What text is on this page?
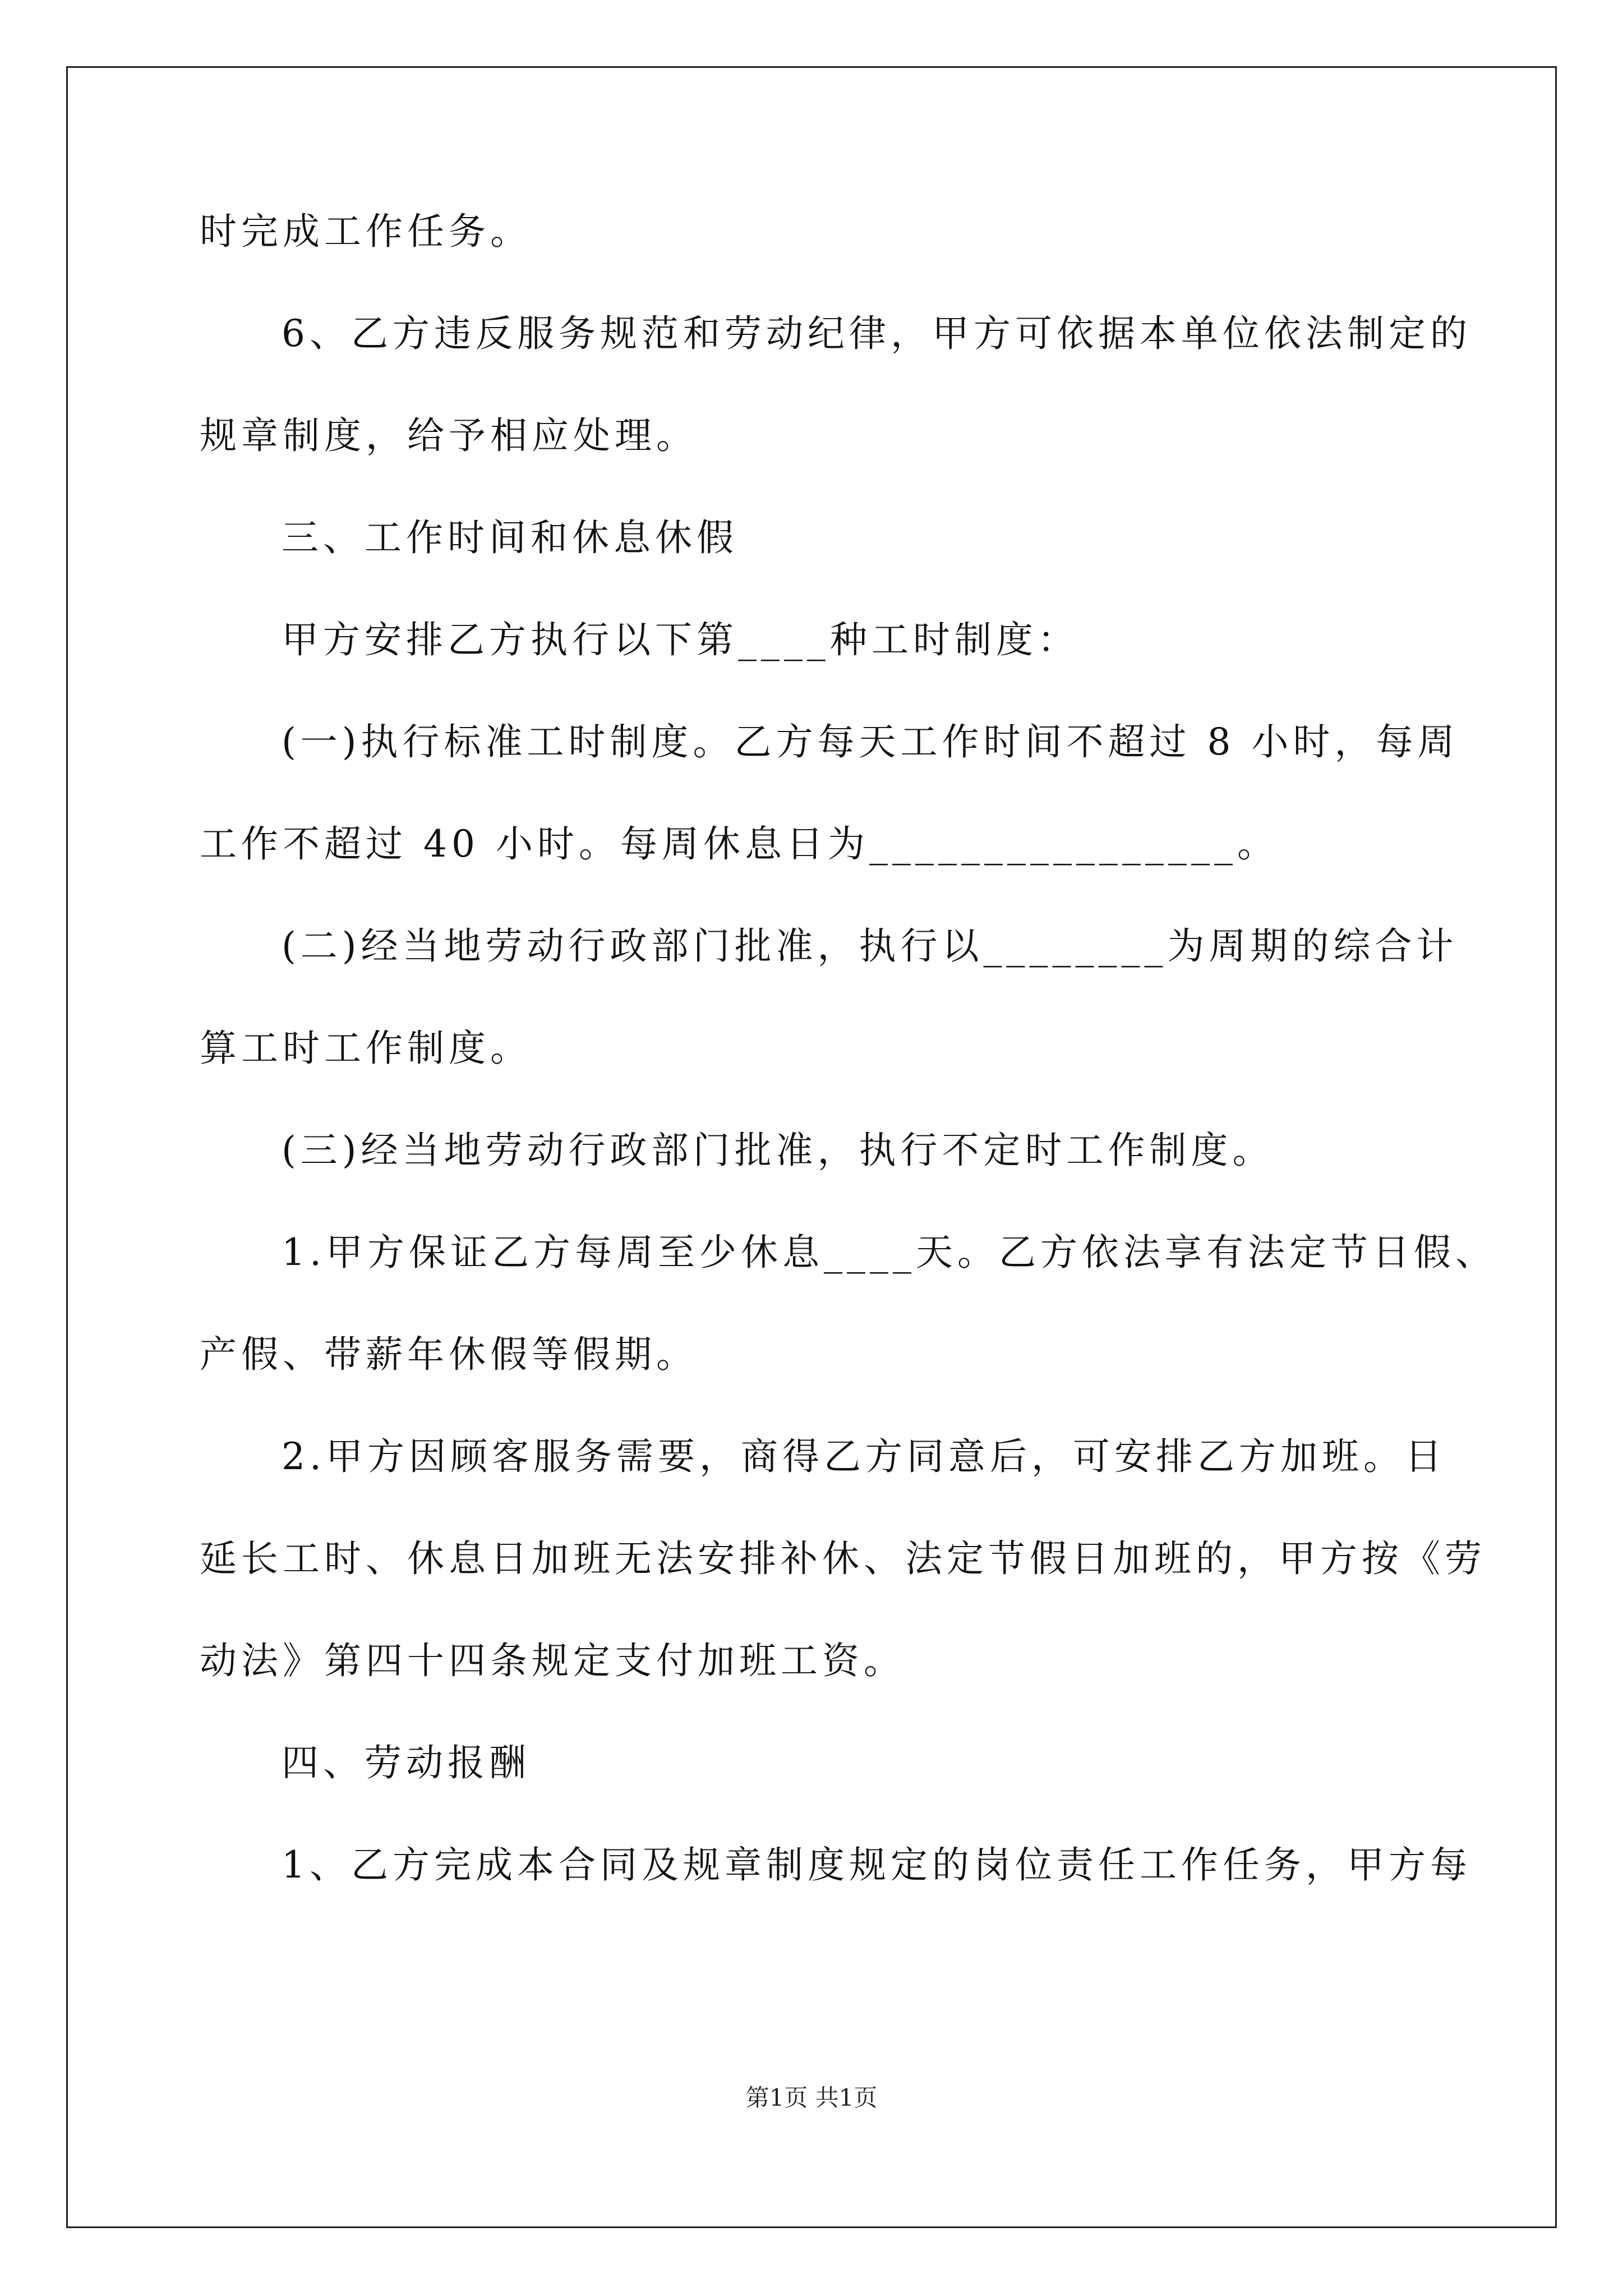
时完成工作任务。
6、乙方违反服务规范和劳动纪律，甲方可依据本单位依法制定的
规章制度，给予相应处理。
三、工作时间和休息休假
甲方安排乙方执行以下第____种工时制度：
(一)执行标准工时制度。乙方每天工作时间不超过 8 小时，每周
工作不超过 40 小时。每周休息日为________________。
(二)经当地劳动行政部门批准，执行以________为周期的综合计
算工时工作制度。
(三)经当地劳动行政部门批准，执行不定时工作制度。
1.甲方保证乙方每周至少休息____天。乙方依法享有法定节日假、
产假、带薪年休假等假期。
2.甲方因顾客服务需要，商得乙方同意后，可安排乙方加班。日
延长工时、休息日加班无法安排补休、法定节假日加班的，甲方按《劳
动法》第四十四条规定支付加班工资。
四、劳动报酬
1、乙方完成本合同及规章制度规定的岗位责任工作任务，甲方每
第1页 共1页
